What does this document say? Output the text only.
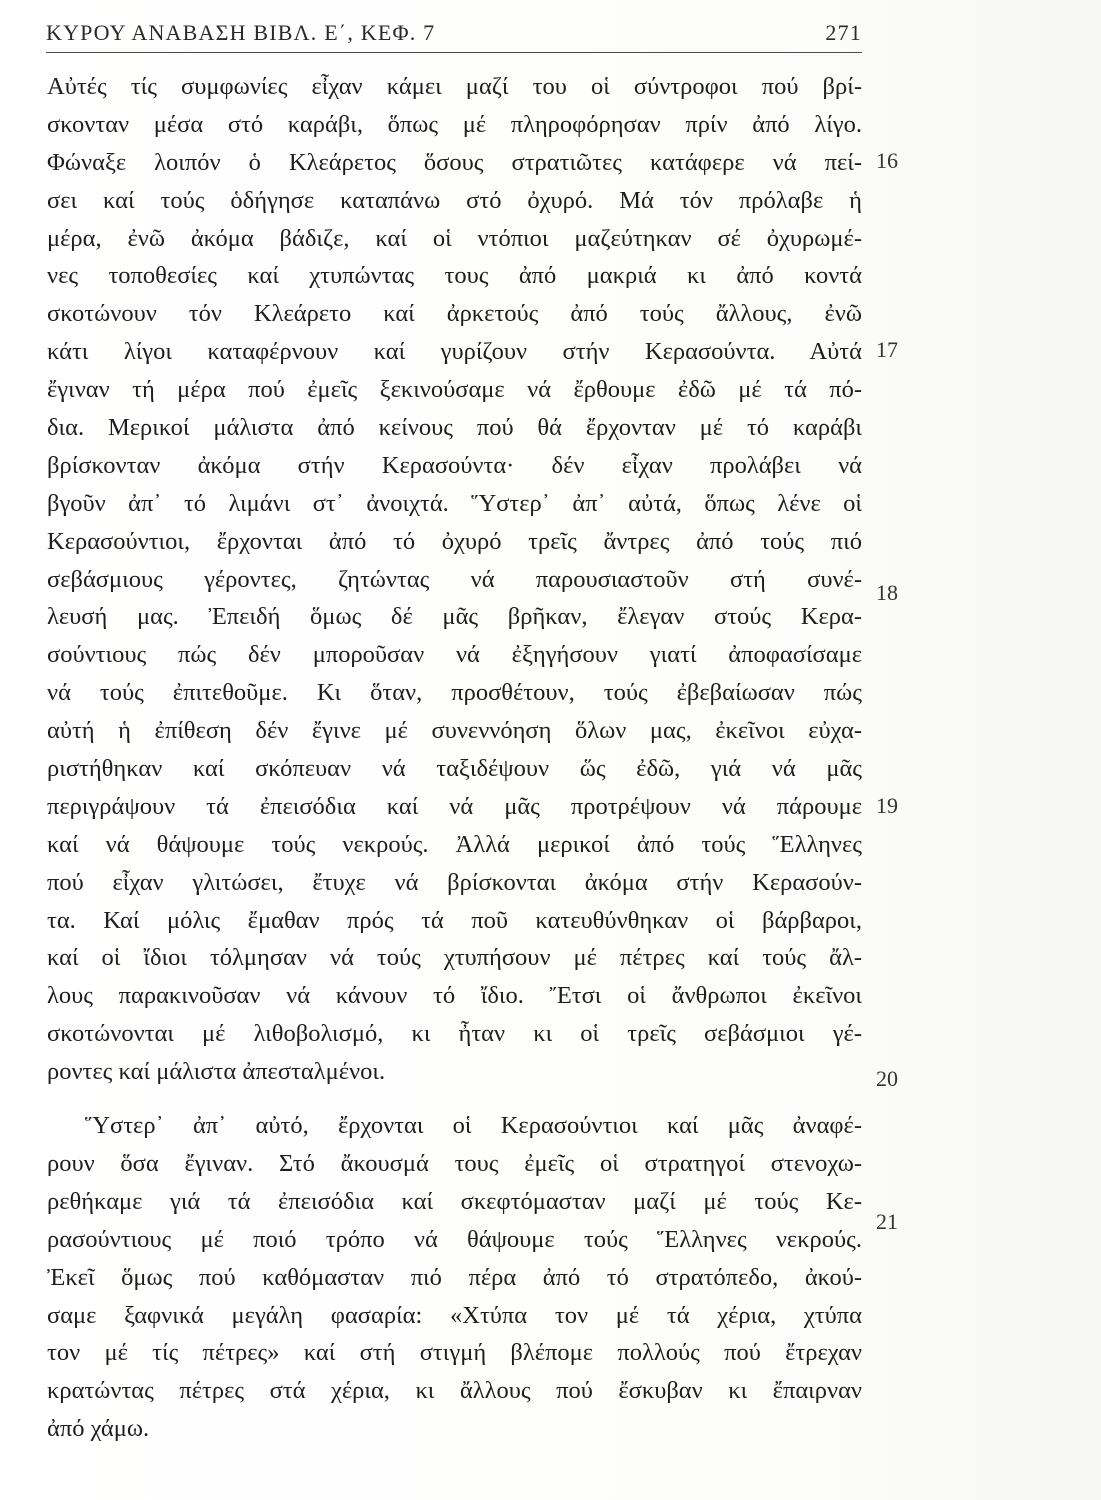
ΚΥΡΟΥ ΑΝΑΒΑΣΗ ΒΙΒΛ. Ε΄, ΚΕΦ. 7	271
Αὐτές τίς συμφωνίες εἶχαν κάμει μαζί του οἱ σύντροφοι πού βρί-
σκονταν μέσα στό καράβι, ὅπως μέ πληροφόρησαν πρίν ἀπό λίγο.
Φώναξε λοιπόν ὁ Κλεάρετος ὅσους στρατιῶτες κατάφερε νά πεί-
σει καί τούς ὁδήγησε καταπάνω στό ὀχυρό. Μά τόν πρόλαβε ἡ
μέρα, ἐνῶ ἀκόμα βάδιζε, καί οἱ ντόπιοι μαζεύτηκαν σέ ὀχυρωμέ-
νες τοποθεσίες καί χτυπώντας τους ἀπό μακριά κι ἀπό κοντά
σκοτώνουν τόν Κλεάρετο καί ἀρκετούς ἀπό τούς ἄλλους, ἐνῶ
κάτι λίγοι καταφέρνουν καί γυρίζουν στήν Κερασούντα. Αὐτά
ἔγιναν τή μέρα πού ἐμεῖς ξεκινούσαμε νά ἔρθουμε ἐδῶ μέ τά πό-
δια. Μερικοί μάλιστα ἀπό κείνους πού θά ἔρχονταν μέ τό καράβι
βρίσκονταν ἀκόμα στήν Κερασούντα· δέν εἶχαν προλάβει νά
βγοῦν ἀπ᾽ τό λιμάνι στ᾽ ἀνοιχτά. Ὕστερ᾽ ἀπ᾽ αὐτά, ὅπως λένε οἱ
Κερασούντιοι, ἔρχονται ἀπό τό ὀχυρό τρεῖς ἄντρες ἀπό τούς πιό
σεβάσμιους γέροντες, ζητώντας νά παρουσιαστοῦν στή συνέ-
λευσή μας. Ἐπειδή ὅμως δέ μᾶς βρῆκαν, ἔλεγαν στούς Κερα-
σούντιους πώς δέν μποροῦσαν νά ἐξηγήσουν γιατί ἀποφασίσαμε
νά τούς ἐπιτεθοῦμε. Κι ὅταν, προσθέτουν, τούς ἐβεβαίωσαν πώς
αὐτή ἡ ἐπίθεση δέν ἔγινε μέ συνεννόηση ὅλων μας, ἐκεῖνοι εὐχα-
ριστήθηκαν καί σκόπευαν νά ταξιδέψουν ὥς ἐδῶ, γιά νά μᾶς
περιγράψουν τά ἐπεισόδια καί νά μᾶς προτρέψουν νά πάρουμε
καί νά θάψουμε τούς νεκρούς. Ἀλλά μερικοί ἀπό τούς Ἕλληνες
πού εἶχαν γλιτώσει, ἔτυχε νά βρίσκονται ἀκόμα στήν Κερασούν-
τα. Καί μόλις ἔμαθαν πρός τά ποῦ κατευθύνθηκαν οἱ βάρβαροι,
καί οἱ ἴδιοι τόλμησαν νά τούς χτυπήσουν μέ πέτρες καί τούς ἄλ-
λους παρακινοῦσαν νά κάνουν τό ἴδιο. Ἔτσι οἱ ἄνθρωποι ἐκεῖνοι
σκοτώνονται μέ λιθοβολισμό, κι ἦταν κι οἱ τρεῖς σεβάσμιοι γέ-
ροντες καί μάλιστα ἀπεσταλμένοι.
Ὕστερ᾽ ἀπ᾽ αὐτό, ἔρχονται οἱ Κερασούντιοι καί μᾶς ἀναφέ-
ρουν ὅσα ἔγιναν. Στό ἄκουσμά τους ἐμεῖς οἱ στρατηγοί στενοχω-
ρεθήκαμε γιά τά ἐπεισόδια καί σκεφτόμασταν μαζί μέ τούς Κε-
ρασούντιους μέ ποιό τρόπο νά θάψουμε τούς Ἕλληνες νεκρούς.
Ἐκεῖ ὅμως πού καθόμασταν πιό πέρα ἀπό τό στρατόπεδο, ἀκού-
σαμε ξαφνικά μεγάλη φασαρία: «Χτύπα τον μέ τά χέρια, χτύπα
τον μέ τίς πέτρες» καί στή στιγμή βλέπομε πολλούς πού ἔτρεχαν
κρατώντας πέτρες στά χέρια, κι ἄλλους πού ἔσκυβαν κι ἔπαιρναν
ἀπό χάμω.
16
17
18
19
20
21
